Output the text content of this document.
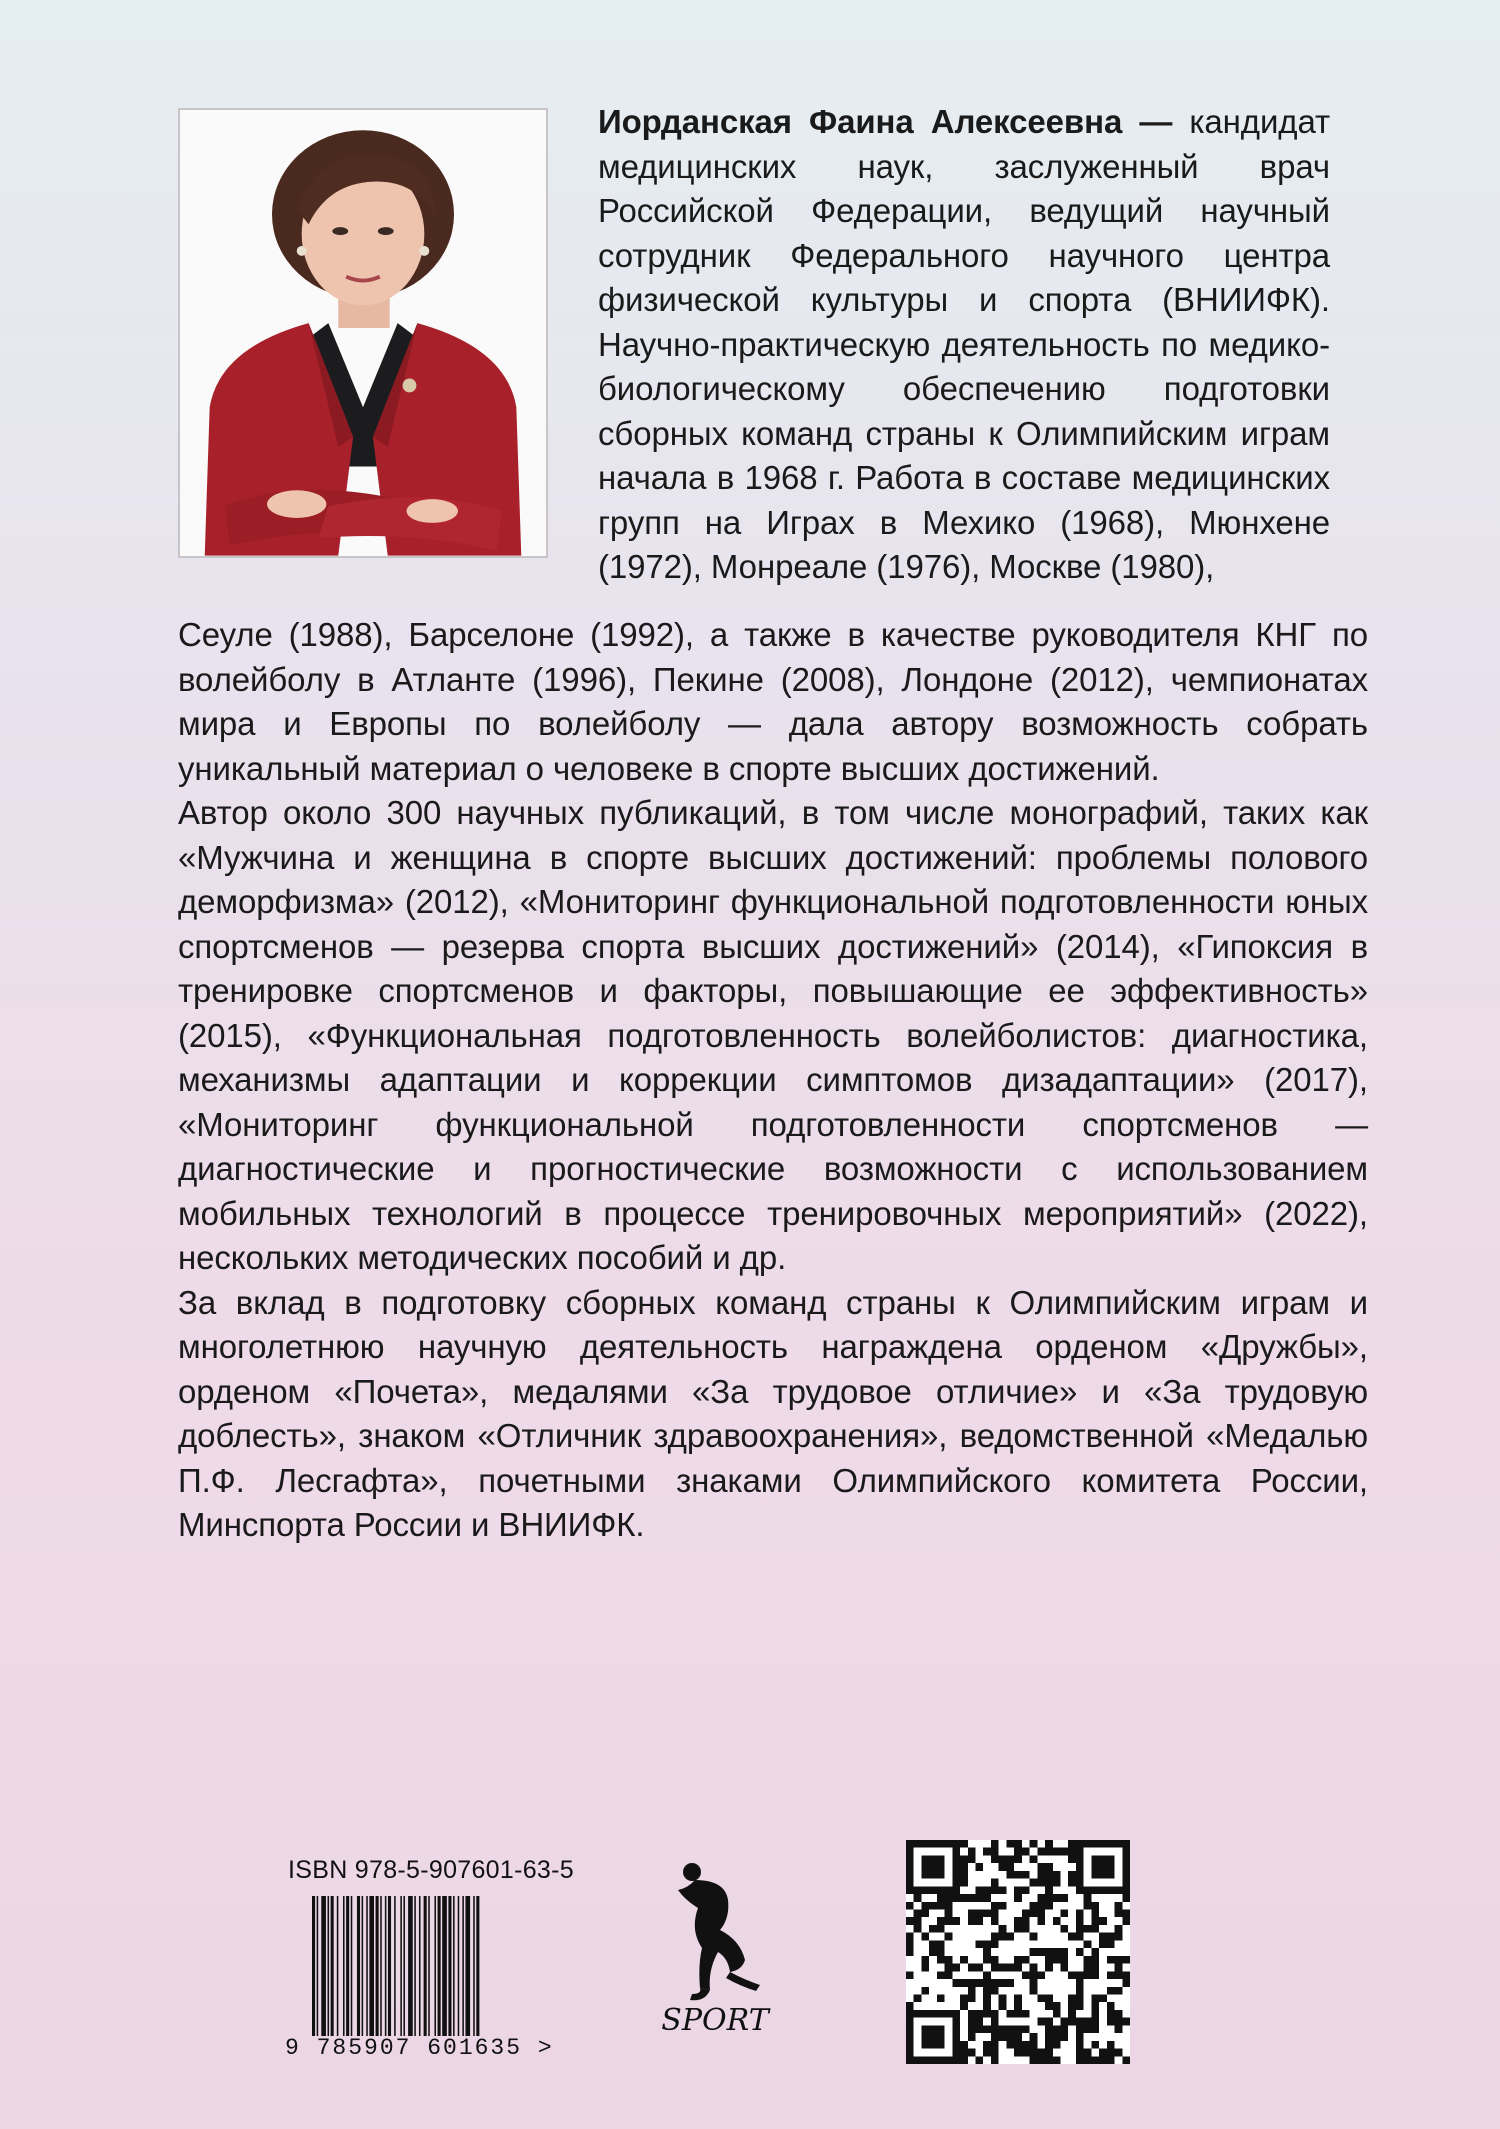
Иорданская Фаина Алексеевна — кандидат медицинских наук, заслуженный врач Российской Федерации, ведущий научный сотрудник Федерального научного центра физической культуры и спорта (ВНИИФК). Научно-практическую деятельность по медико-биологическому обеспечению подготовки сборных команд страны к Олимпийским играм начала в 1968 г. Работа в составе медицинских групп на Играх в Мехико (1968), Мюнхене (1972), Монреале (1976), Москве (1980),

Сеуле (1988), Барселоне (1992), а также в качестве руководителя КНГ по волейболу в Атланте (1996), Пекине (2008), Лондоне (2012), чемпионатах мира и Европы по волейболу — дала автору возможность собрать уникальный материал о человеке в спорте высших достижений.

Автор около 300 научных публикаций, в том числе монографий, таких как «Мужчина и женщина в спорте высших достижений: проблемы полового деморфизма» (2012), «Мониторинг функциональной подготовленности юных спортсменов — резерва спорта высших достижений» (2014), «Гипоксия в тренировке спортсменов и факторы, повышающие ее эффективность» (2015), «Функциональная подготовленность волейболистов: диагностика, механизмы адаптации и коррекции симптомов дизадаптации» (2017), «Мониторинг функциональной подготовленности спортсменов — диагностические и прогностические возможности с использованием мобильных технологий в процессе тренировочных мероприятий» (2022), нескольких методических пособий и др.

За вклад в подготовку сборных команд страны к Олимпийским играм и многолетнюю научную деятельность награждена орденом «Дружбы», орденом «Почета», медалями «За трудовое отличие» и «За трудовую доблесть», знаком «Отличник здравоохранения», ведомственной «Медалью П.Ф. Лесгафта», почетными знаками Олимпийского комитета России, Минспорта России и ВНИИФК.

ISBN 978-5-907601-63-5
9 785907 601635 >
SPORT
